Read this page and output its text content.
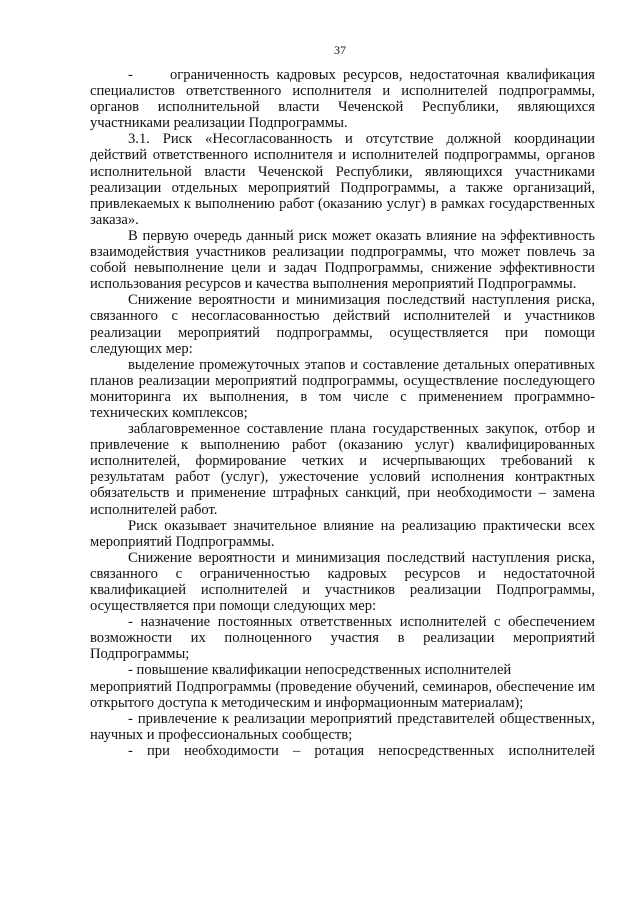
37

-	ограниченность кадровых ресурсов, недостаточная квалификация специалистов ответственного исполнителя и исполнителей подпрограммы, органов исполнительной власти Чеченской Республики, являющихся участниками реализации Подпрограммы.

3.1. Риск «Несогласованность и отсутствие должной координации действий ответственного исполнителя и исполнителей подпрограммы, органов исполнительной власти Чеченской Республики, являющихся участниками реализации отдельных мероприятий Подпрограммы, а также организаций, привлекаемых к выполнению работ (оказанию услуг) в рамках государственных заказа».

В первую очередь данный риск может оказать влияние на эффективность взаимодействия участников реализации подпрограммы, что может повлечь за собой невыполнение цели и задач Подпрограммы, снижение эффективности использования ресурсов и качества выполнения мероприятий Подпрограммы.

Снижение вероятности и минимизация последствий наступления риска, связанного с несогласованностью действий исполнителей и участников реализации мероприятий подпрограммы, осуществляется при помощи следующих мер:

выделение промежуточных этапов и составление детальных оперативных планов реализации мероприятий подпрограммы, осуществление последующего мониторинга их выполнения, в том числе с применением программно-технических комплексов;

заблаговременное составление плана государственных закупок, отбор и привлечение к выполнению работ (оказанию услуг) квалифицированных исполнителей, формирование четких и исчерпывающих требований к результатам работ (услуг), ужесточение условий исполнения контрактных обязательств и применение штрафных санкций, при необходимости – замена исполнителей работ.

Риск оказывает значительное влияние на реализацию практически всех мероприятий Подпрограммы.

Снижение вероятности и минимизация последствий наступления риска, связанного с ограниченностью кадровых ресурсов и недостаточной квалификацией исполнителей и участников реализации Подпрограммы, осуществляется при помощи следующих мер:

- назначение постоянных ответственных исполнителей с обеспечением возможности их полноценного участия в реализации мероприятий Подпрограммы;

- повышение квалификации непосредственных исполнителей

мероприятий Подпрограммы (проведение обучений, семинаров, обеспечение им открытого доступа к методическим и информационным материалам);

- привлечение к реализации мероприятий представителей общественных, научных и профессиональных сообществ;

- при необходимости – ротация непосредственных исполнителей
